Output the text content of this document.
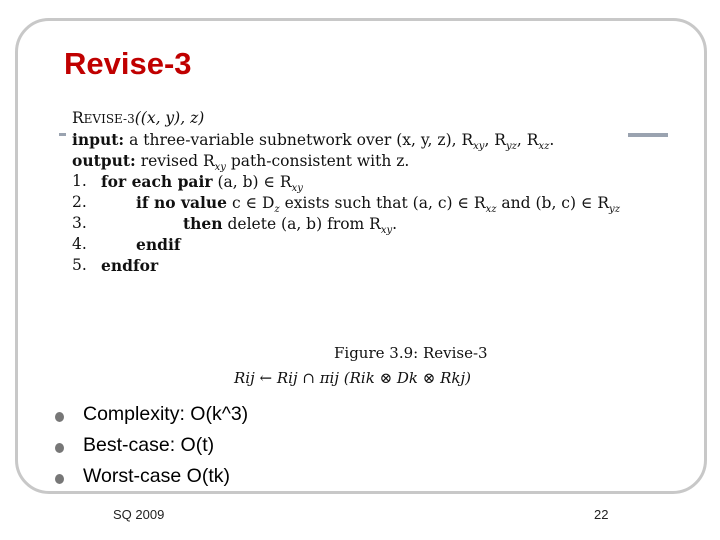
Revise-3
REVISE-3((x, y), z)
input: a three-variable subnetwork over (x, y, z), $R_{xy}$, $R_{yz}$, $R_{xz}$.
output: revised $R_{xy}$ path-consistent with z.
1. for each pair (a, b) ∈ $R_{xy}$
2.	if no value c ∈ $D_z$ exists such that (a, c) ∈ $R_{xz}$ and (b, c) ∈ $R_{yz}$
3.	then delete (a, b) from $R_{xy}$.
4.	endif
5. endfor
Figure 3.9: Revise-3
Rij ← Rij ∩ πij (Rik ⊗ Dk ⊗ Rkj)
Complexity: O(k^3)
Best-case: O(t)
Worst-case O(tk)
SQ 2009	22
